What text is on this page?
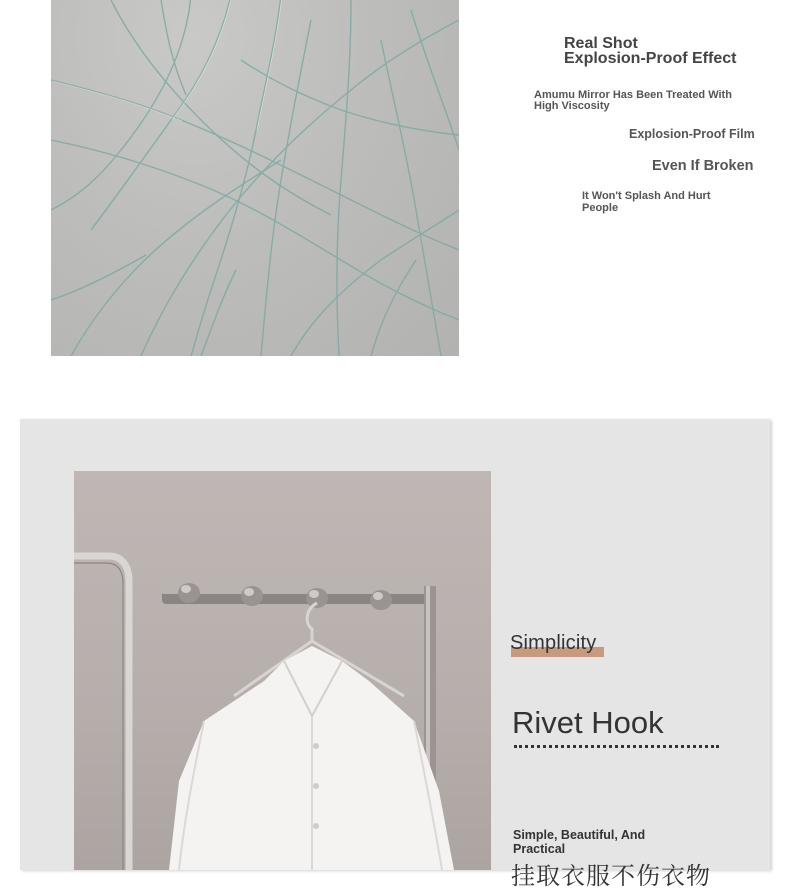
Real Shot
Explosion-Proof Effect
Amumu Mirror Has Been Treated With
High Viscosity
Explosion-Proof Film
Even If Broken
It Won't Splash And Hurt
People
Simplicity
Rivet Hook
Simple, Beautiful, And
Practical
挂取衣服不伤衣物
